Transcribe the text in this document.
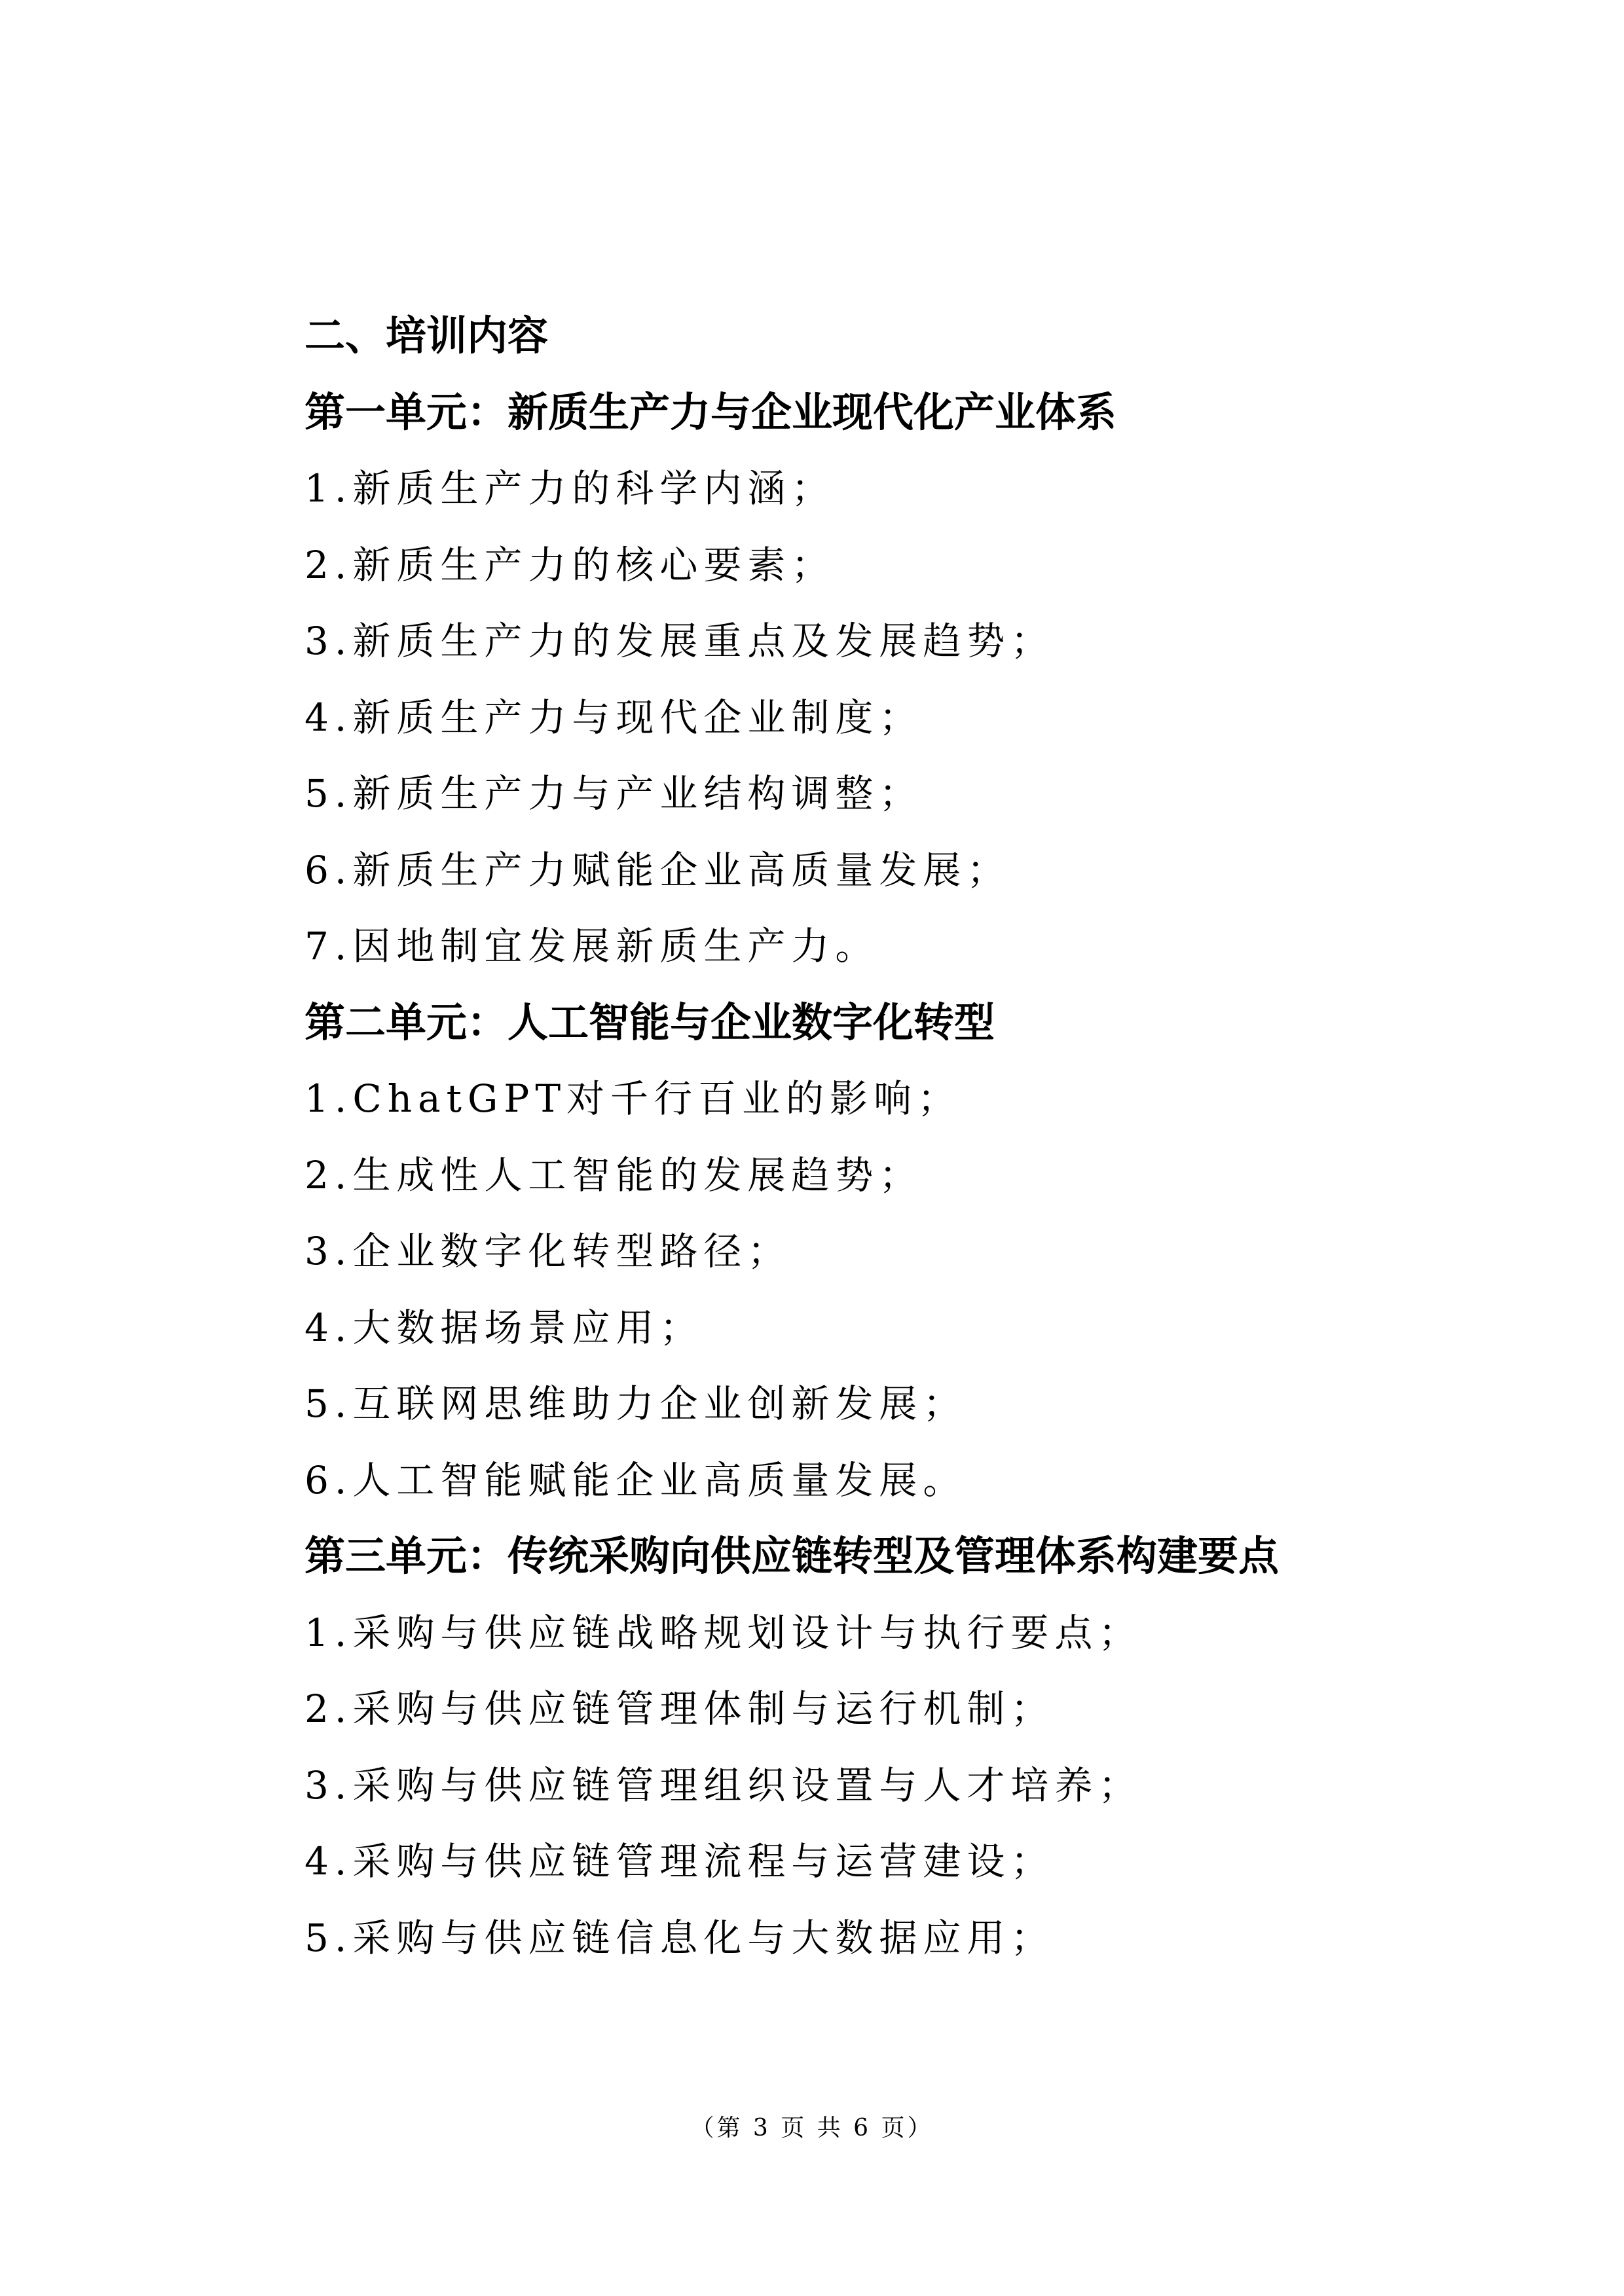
二、培训内容
第一单元：新质生产力与企业现代化产业体系
1.新质生产力的科学内涵；
2.新质生产力的核心要素；
3.新质生产力的发展重点及发展趋势；
4.新质生产力与现代企业制度；
5.新质生产力与产业结构调整；
6.新质生产力赋能企业高质量发展；
7.因地制宜发展新质生产力。
第二单元：人工智能与企业数字化转型
1.ChatGPT对千行百业的影响；
2.生成性人工智能的发展趋势；
3.企业数字化转型路径；
4.大数据场景应用；
5.互联网思维助力企业创新发展；
6.人工智能赋能企业高质量发展。
第三单元：传统采购向供应链转型及管理体系构建要点
1.采购与供应链战略规划设计与执行要点；
2.采购与供应链管理体制与运行机制；
3.采购与供应链管理组织设置与人才培养；
4.采购与供应链管理流程与运营建设；
5.采购与供应链信息化与大数据应用；
（第 3 页 共 6 页）
